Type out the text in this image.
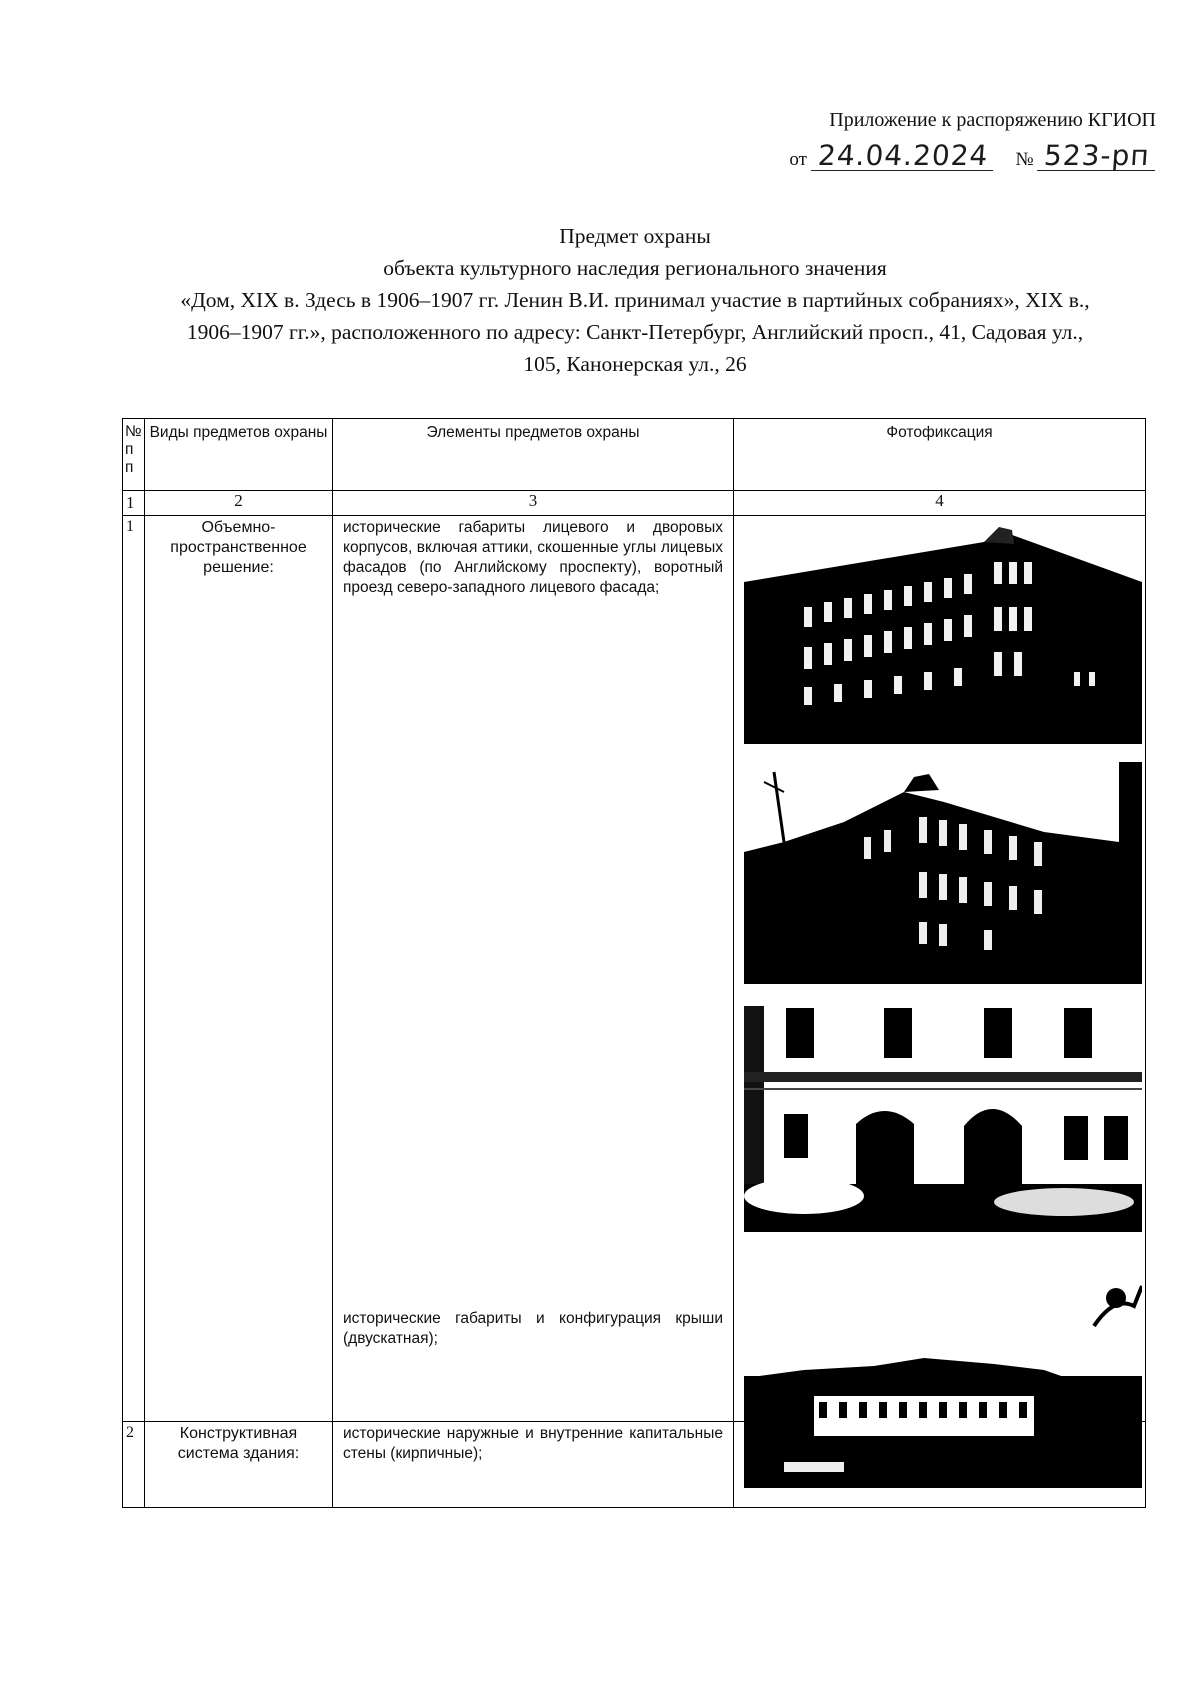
Приложение к распоряжению КГИОП
от 24.04.2024 № 523-рп

Предмет охраны

объекта культурного наследия регионального значения

«Дом, XIX в. Здесь в 1906–1907 гг. Ленин В.И. принимал участие в партийных собраниях», XIX в.,

1906–1907 гг.», расположенного по адресу: Санкт-Петербург, Английский просп., 41, Садовая ул.,

105, Канонерская ул., 26

№
п
п	Виды предметов охраны	Элементы предметов охраны	Фотофиксация
1	2	3	4
1	Объемно-пространственное решение:	исторические габариты лицевого и дворовых корпусов, включая аттики, скошенные углы лицевых фасадов (по Английскому проспекту), воротный проезд северо-западного лицевого фасада;

исторические габариты и конфигурация крыши (двускатная);

2	Конструктивная система здания:	исторические наружные и внутренние капитальные стены (кирпичные);	
